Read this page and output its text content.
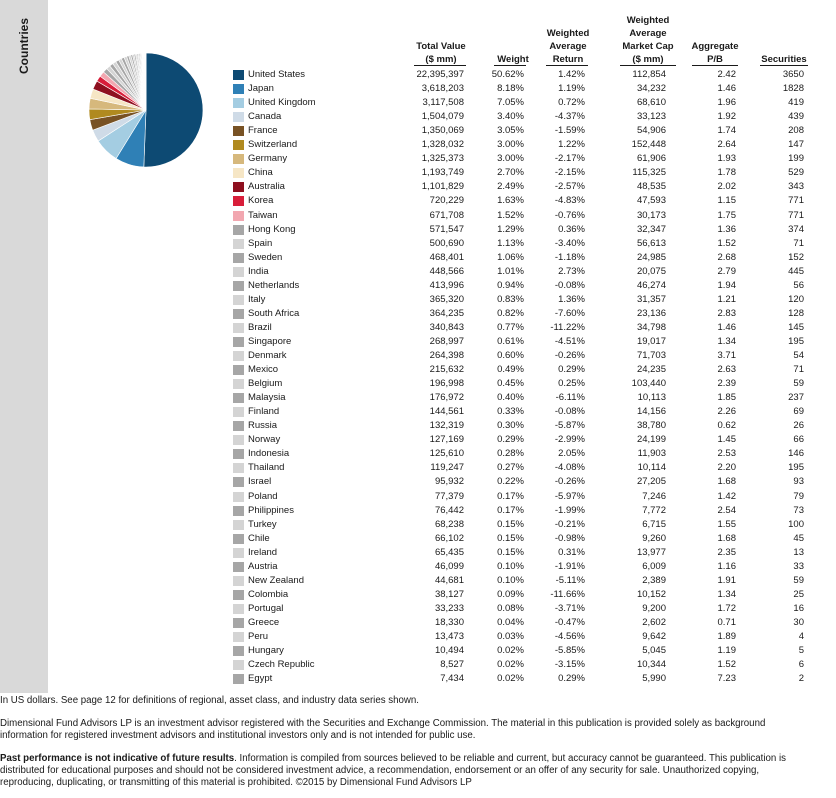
Countries	Total Value
($ mm)	Weight
Weighted
Average
Return
Weighted
Average
Market Cap
($ mm)
Aggregate
P/B	Securities
United States	22,395,397	50.62%	1.42%	112,854	2.42	3650
Japan	3,618,203	8.18%	1.19%	34,232	1.46	1828
United Kingdom	3,117,508	7.05%	0.72%	68,610	1.96	419
Canada	1,504,079	3.40%	-4.37%	33,123	1.92	439
France	1,350,069	3.05%	-1.59%	54,906	1.74	208
Switzerland	1,328,032	3.00%	1.22%	152,448	2.64	147
Germany	1,325,373	3.00%	-2.17%	61,906	1.93	199
China	1,193,749	2.70%	-2.15%	115,325	1.78	529
Australia	1,101,829	2.49%	-2.57%	48,535	2.02	343
Korea	720,229	1.63%	-4.83%	47,593	1.15	771
Taiwan	671,708	1.52%	-0.76%	30,173	1.75	771
Hong Kong	571,547	1.29%	0.36%	32,347	1.36	374
Spain	500,690	1.13%	-3.40%	56,613	1.52	71
Sweden	468,401	1.06%	-1.18%	24,985	2.68	152
India	448,566	1.01%	2.73%	20,075	2.79	445
Netherlands	413,996	0.94%	-0.08%	46,274	1.94	56
Italy	365,320	0.83%	1.36%	31,357	1.21	120
South Africa	364,235	0.82%	-7.60%	23,136	2.83	128
Brazil	340,843	0.77%	-11.22%	34,798	1.46	145
Singapore	268,997	0.61%	-4.51%	19,017	1.34	195
Denmark	264,398	0.60%	-0.26%	71,703	3.71	54
Mexico	215,632	0.49%	0.29%	24,235	2.63	71
Belgium	196,998	0.45%	0.25%	103,440	2.39	59
Malaysia	176,972	0.40%	-6.11%	10,113	1.85	237
Finland	144,561	0.33%	-0.08%	14,156	2.26	69
Russia	132,319	0.30%	-5.87%	38,780	0.62	26
Norway	127,169	0.29%	-2.99%	24,199	1.45	66
Indonesia	125,610	0.28%	2.05%	11,903	2.53	146
Thailand	119,247	0.27%	-4.08%	10,114	2.20	195
Israel	95,932	0.22%	-0.26%	27,205	1.68	93
Poland	77,379	0.17%	-5.97%	7,246	1.42	79
Philippines	76,442	0.17%	-1.99%	7,772	2.54	73
Turkey	68,238	0.15%	-0.21%	6,715	1.55	100
Chile	66,102	0.15%	-0.98%	9,260	1.68	45
Ireland	65,435	0.15%	0.31%	13,977	2.35	13
Austria	46,099	0.10%	-1.91%	6,009	1.16	33
New Zealand	44,681	0.10%	-5.11%	2,389	1.91	59
Colombia	38,127	0.09%	-11.66%	10,152	1.34	25
Portugal	33,233	0.08%	-3.71%	9,200	1.72	16
Greece	18,330	0.04%	-0.47%	2,602	0.71	30
Peru	13,473	0.03%	-4.56%	9,642	1.89	4
Hungary	10,494	0.02%	-5.85%	5,045	1.19	5
Czech Republic	8,527	0.02%	-3.15%	10,344	1.52	6
Egypt	7,434	0.02%	0.29%	5,990	7.23	2

In US dollars. See page 12 for definitions of regional, asset class, and industry data series shown.

Dimensional Fund Advisors LP is an investment advisor registered with the Securities and Exchange Commission. The material in this publication is provided solely as background information for registered investment advisors and institutional investors only and is not intended for public use.

Past performance is not indicative of future results. Information is compiled from sources believed to be reliable and current, but accuracy cannot be guaranteed. This publication is distributed for educational purposes and should not be considered investment advice, a recommendation, endorsement or an offer of any security for sale. Unauthorized copying, reproducing, duplicating, or transmitting of this material is prohibited. ©2015 by Dimensional Fund Advisors LP
